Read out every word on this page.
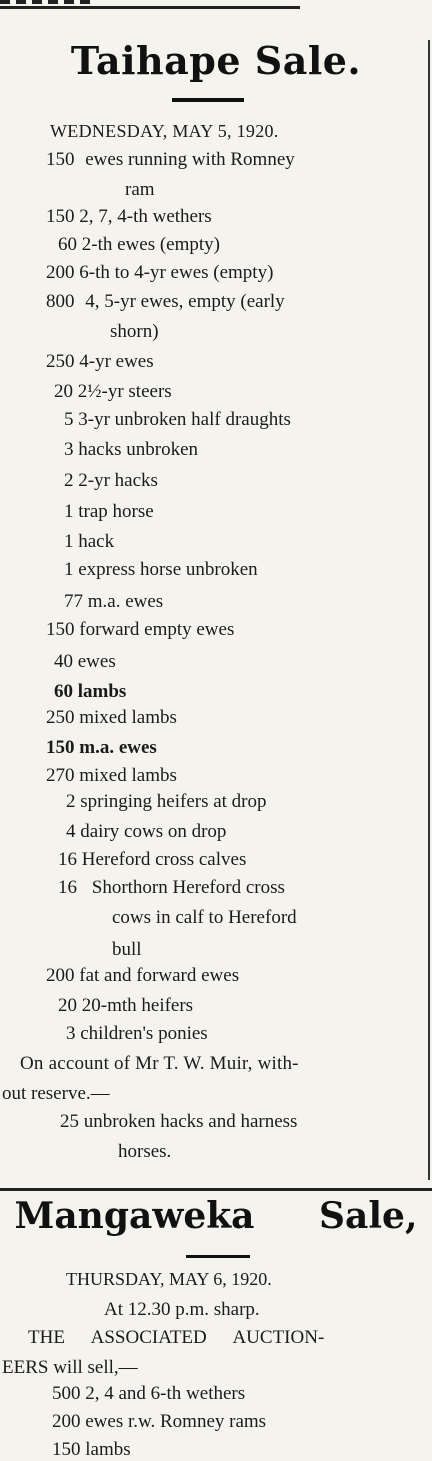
Taihape Sale.
WEDNESDAY, MAY 5, 1920.
150 ewes running with Romney
ram
150 2, 7, 4-th wethers
60 2-th ewes (empty)
200 6-th to 4-yr ewes (empty)
800 4, 5-yr ewes, empty (early
shorn)
250 4-yr ewes
20 2½-yr steers
5 3-yr unbroken half draughts
3 hacks unbroken
2 2-yr hacks
1 trap horse
1 hack
1 express horse unbroken
77 m.a. ewes
150 forward empty ewes
40 ewes
60 lambs
250 mixed lambs
150 m.a. ewes
270 mixed lambs
2 springing heifers at drop
4 dairy cows on drop
16 Hereford cross calves
16 Shorthorn Hereford cross
cows in calf to Hereford
bull
200 fat and forward ewes
20 20-mth heifers
3 children's ponies
On account of Mr T. W. Muir, with-
out reserve.—
25 unbroken hacks and harness
horses.
Mangaweka Sale,
THURSDAY, MAY 6, 1920.
At 12.30 p.m. sharp.
THE ASSOCIATED AUCTION-
EERS will sell,—
500 2, 4 and 6-th wethers
200 ewes r.w. Romney rams
150 lambs
